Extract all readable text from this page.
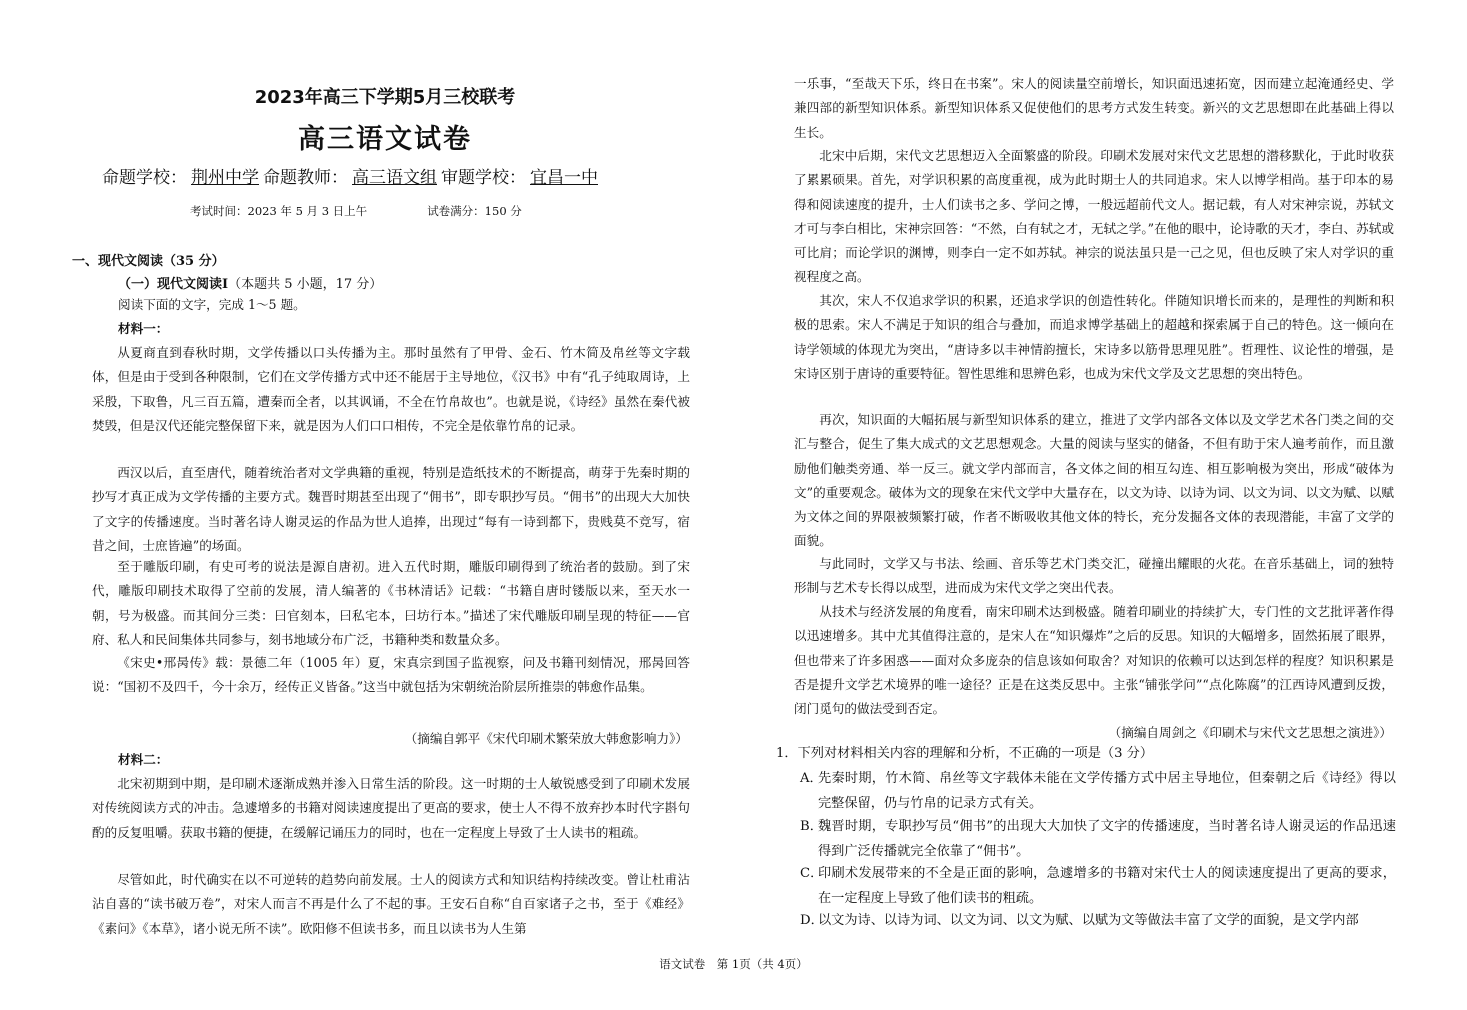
2023年高三下学期5月三校联考
高三语文试卷
命题学校： 荆州中学 命题教师： 高三语文组 审题学校： 宜昌一中
考试时间：2023 年 5 月 3 日上午	试卷满分：150 分
一、现代文阅读（35 分）
（一）现代文阅读Ⅰ（本题共 5 小题，17 分）

阅读下面的文字，完成 1～5 题。

材料一：

从夏商直到春秋时期，文学传播以口头传播为主。那时虽然有了甲骨、金石、竹木简及帛丝等文字载体，但是由于受到各种限制，它们在文学传播方式中还不能居于主导地位，《汉书》中有“孔子纯取周诗，上采殷，下取鲁，凡三百五篇，遭秦而全者，以其讽诵，不全在竹帛故也”。也就是说，《诗经》虽然在秦代被焚毁，但是汉代还能完整保留下来，就是因为人们口口相传，不完全是依靠竹帛的记录。

西汉以后，直至唐代，随着统治者对文学典籍的重视，特别是造纸技术的不断提高，萌芽于先秦时期的抄写才真正成为文学传播的主要方式。魏晋时期甚至出现了“佣书”，即专职抄写员。“佣书”的出现大大加快了文字的传播速度。当时著名诗人谢灵运的作品为世人追捧，出现过“每有一诗到都下，贵贱莫不竞写，宿昔之间，士庶皆遍”的场面。

至于雕版印刷，有史可考的说法是源自唐初。进入五代时期，雕版印刷得到了统治者的鼓励。到了宋代，雕版印刷技术取得了空前的发展，清人编著的《书林清话》记载：“书籍自唐时镂版以来，至天水一朝，号为极盛。而其间分三类：曰官刻本，曰私宅本，曰坊行本。”描述了宋代雕版印刷呈现的特征——官府、私人和民间集体共同参与，刻书地域分布广泛，书籍种类和数量众多。

《宋史•邢昺传》载：景德二年（1005 年）夏，宋真宗到国子监视察，问及书籍刊刻情况，邢昺回答说：“国初不及四千，今十余万，经传正义皆备。”这当中就包括为宋朝统治阶层所推崇的韩愈作品集。

（摘编自郭平《宋代印刷术繁荣放大韩愈影响力》）

材料二：

北宋初期到中期，是印刷术逐渐成熟并渗入日常生活的阶段。这一时期的士人敏锐感受到了印刷术发展对传统阅读方式的冲击。急遽增多的书籍对阅读速度提出了更高的要求，使士人不得不放弃抄本时代字斟句酌的反复咀嚼。获取书籍的便捷，在缓解记诵压力的同时，也在一定程度上导致了士人读书的粗疏。

尽管如此，时代确实在以不可逆转的趋势向前发展。士人的阅读方式和知识结构持续改变。曾让杜甫沾沾自喜的“读书破万卷”，对宋人而言不再是什么了不起的事。王安石自称“自百家诸子之书，至于《难经》《素问》《本草》，诸小说无所不读”。欧阳修不但读书多，而且以读书为人生第

一乐事，“至哉天下乐，终日在书案”。宋人的阅读量空前增长，知识面迅速拓宽，因而建立起淹通经史、学兼四部的新型知识体系。新型知识体系又促使他们的思考方式发生转变。新兴的文艺思想即在此基础上得以生长。

北宋中后期，宋代文艺思想迈入全面繁盛的阶段。印刷术发展对宋代文艺思想的潜移默化，于此时收获了累累硕果。首先，对学识积累的高度重视，成为此时期士人的共同追求。宋人以博学相尚。基于印本的易得和阅读速度的提升，士人们读书之多、学问之博，一般远超前代文人。据记载，有人对宋神宗说，苏轼文才可与李白相比，宋神宗回答：“不然，白有轼之才，无轼之学。”在他的眼中，论诗歌的天才，李白、苏轼或可比肩；而论学识的渊博，则李白一定不如苏轼。神宗的说法虽只是一己之见，但也反映了宋人对学识的重视程度之高。

其次，宋人不仅追求学识的积累，还追求学识的创造性转化。伴随知识增长而来的，是理性的判断和积极的思索。宋人不满足于知识的组合与叠加，而追求博学基础上的超越和探索属于自己的特色。这一倾向在诗学领域的体现尤为突出，“唐诗多以丰神情韵擅长，宋诗多以筋骨思理见胜”。哲理性、议论性的增强，是宋诗区别于唐诗的重要特征。智性思维和思辨色彩，也成为宋代文学及文艺思想的突出特色。

再次，知识面的大幅拓展与新型知识体系的建立，推进了文学内部各文体以及文学艺术各门类之间的交汇与整合，促生了集大成式的文艺思想观念。大量的阅读与坚实的储备，不但有助于宋人遍考前作，而且激励他们触类旁通、举一反三。就文学内部而言，各文体之间的相互勾连、相互影响极为突出，形成“破体为文”的重要观念。破体为文的现象在宋代文学中大量存在，以文为诗、以诗为词、以文为词、以文为赋、以赋为文体之间的界限被频繁打破，作者不断吸收其他文体的特长，充分发掘各文体的表现潜能，丰富了文学的面貌。

与此同时，文学又与书法、绘画、音乐等艺术门类交汇，碰撞出耀眼的火花。在音乐基础上，词的独特形制与艺术专长得以成型，进而成为宋代文学之突出代表。

从技术与经济发展的角度看，南宋印刷术达到极盛。随着印刷业的持续扩大，专门性的文艺批评著作得以迅速增多。其中尤其值得注意的，是宋人在“知识爆炸”之后的反思。知识的大幅增多，固然拓展了眼界，但也带来了许多困惑——面对众多庞杂的信息该如何取舍？对知识的依赖可以达到怎样的程度？知识积累是否是提升文学艺术境界的唯一途径？正是在这类反思中。主张“铺张学问”“点化陈腐”的江西诗风遭到反拨，闭门觅句的做法受到否定。

（摘编自周剑之《印刷术与宋代文艺思想之演进》）

1．下列对材料相关内容的理解和分析，不正确的一项是（3 分）

A．
先秦时期，竹木简、帛丝等文字载体未能在文学传播方式中居主导地位，但秦朝之后《诗经》得以完整保留，仍与竹帛的记录方式有关。
B．
魏晋时期，专职抄写员“佣书”的出现大大加快了文字的传播速度，当时著名诗人谢灵运的作品迅速得到广泛传播就完全依靠了“佣书”。
C．
印刷术发展带来的不全是正面的影响，急遽增多的书籍对宋代士人的阅读速度提出了更高的要求，在一定程度上导致了他们读书的粗疏。
D．
以文为诗、以诗为词、以文为词、以文为赋、以赋为文等做法丰富了文学的面貌，是文学内部
语文试卷　第 1页（共 4页）
